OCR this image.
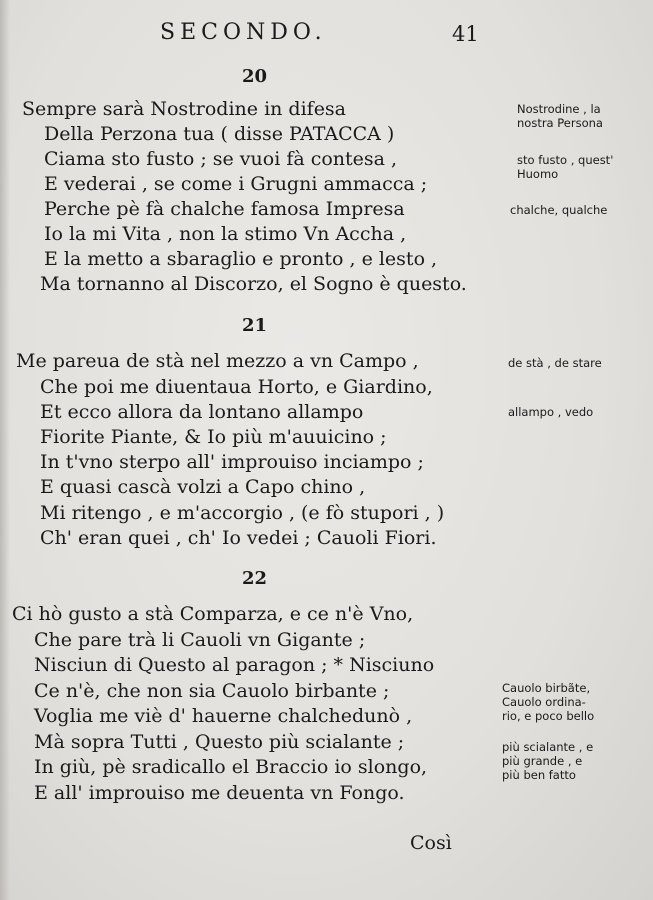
SECONDO.	41
20
Sempre sarà Nostrodine in difesa
Della Perzona tua ( disse PATACCA )
Ciama sto fusto ; se vuoi fà contesa ,
E vederai , se come i Grugni ammacca ;
Perche pè fà chalche famosa Impresa
Io la mi Vita , non la stimo Vn Accha ,
E la metto a sbaraglio e pronto , e lesto ,
Ma tornanno al Discorzo, el Sogno è questo.
21
Me pareua de stà nel mezzo a vn Campo ,
Che poi me diuentaua Horto, e Giardino,
Et ecco allora da lontano allampo
Fiorite Piante, & Io più m'auuicino ;
In t'vno sterpo all' improuiso inciampo ;
E quasi cascà volzi a Capo chino ,
Mi ritengo , e m'accorgio , (e fò stupori , )
Ch' eran quei , ch' Io vedei ; Cauoli Fiori.
22
Ci hò gusto a stà Comparza, e ce n'è Vno,
Che pare trà li Cauoli vn Gigante ;
Nisciun di Questo al paragon ; * Nisciuno
Ce n'è, che non sia Cauolo birbante ;
Voglia me viè d' hauerne chalchedunò ,
Mà sopra Tutti , Questo più scialante ;
In giù, pè sradicallo el Braccio io slongo,
E all' improuiso me deuenta vn Fongo.
Nostrodine , la
nostra Persona
sto fusto , quest'
Huomo
chalche, qualche
de stà , de stare
allampo , vedo
Cauolo birbãte,
Cauolo ordina-
rio, e poco bello
più scialante , e
più grande , e
più ben fatto
Così
